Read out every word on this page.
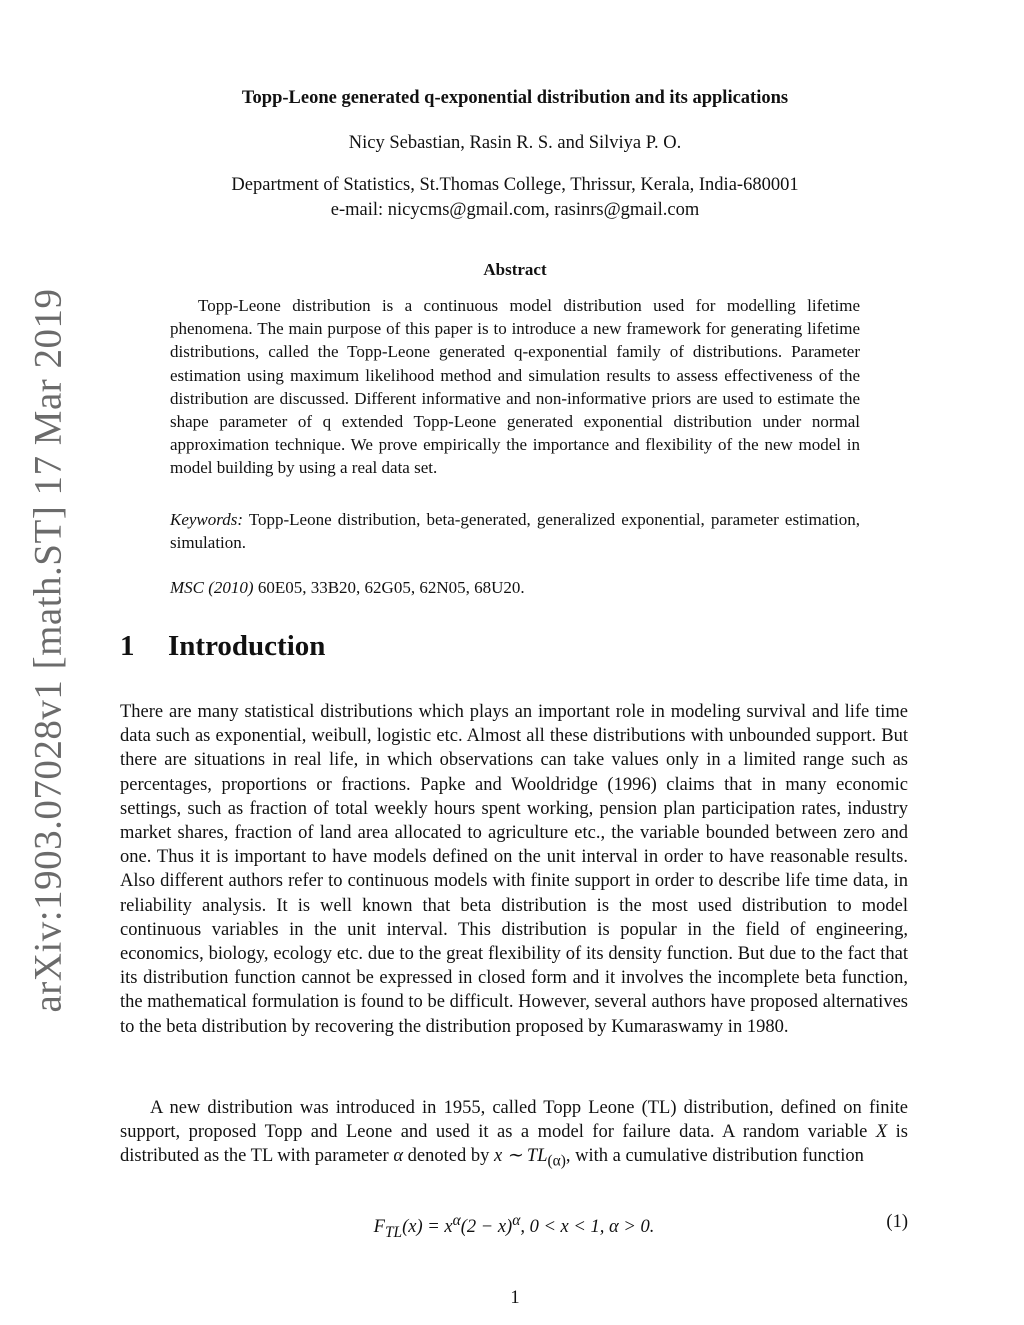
arXiv:1903.07028v1 [math.ST] 17 Mar 2019
Topp-Leone generated q-exponential distribution and its applications
Nicy Sebastian, Rasin R. S. and Silviya P. O.
Department of Statistics, St.Thomas College, Thrissur, Kerala, India-680001
e-mail: nicycms@gmail.com, rasinrs@gmail.com
Abstract

Topp-Leone distribution is a continuous model distribution used for modelling lifetime phenomena. The main purpose of this paper is to introduce a new framework for generating lifetime distributions, called the Topp-Leone generated q-exponential family of distributions. Parameter estimation using maximum likelihood method and simulation results to assess effectiveness of the distribution are discussed. Different informative and non-informative priors are used to estimate the shape parameter of q extended Topp-Leone generated exponential distribution under normal approximation technique. We prove empirically the importance and flexibility of the new model in model building by using a real data set.

Keywords: Topp-Leone distribution, beta-generated, generalized exponential, parameter estimation, simulation.

MSC (2010) 60E05, 33B20, 62G05, 62N05, 68U20.

1 Introduction

There are many statistical distributions which plays an important role in modeling survival and life time data such as exponential, weibull, logistic etc. Almost all these distributions with unbounded support. But there are situations in real life, in which observations can take values only in a limited range such as percentages, proportions or fractions. Papke and Wooldridge (1996) claims that in many economic settings, such as fraction of total weekly hours spent working, pension plan participation rates, industry market shares, fraction of land area allocated to agriculture etc., the variable bounded between zero and one. Thus it is important to have models defined on the unit interval in order to have reasonable results. Also different authors refer to continuous models with finite support in order to describe life time data, in reliability analysis. It is well known that beta distribution is the most used distribution to model continuous variables in the unit interval. This distribution is popular in the field of engineering, economics, biology, ecology etc. due to the great flexibility of its density function. But due to the fact that its distribution function cannot be expressed in closed form and it involves the incomplete beta function, the mathematical formulation is found to be difficult. However, several authors have proposed alternatives to the beta distribution by recovering the distribution proposed by Kumaraswamy in 1980.

A new distribution was introduced in 1955, called Topp Leone (TL) distribution, defined on finite support, proposed Topp and Leone and used it as a model for failure data. A random variable X is distributed as the TL with parameter α denoted by x ∼ $TL_{(\alpha)}$, with a cumulative distribution function

$F_{TL}(x) = x^\alpha(2 - x)^\alpha$, 0 < x < 1, α > 0.	(1)
1
